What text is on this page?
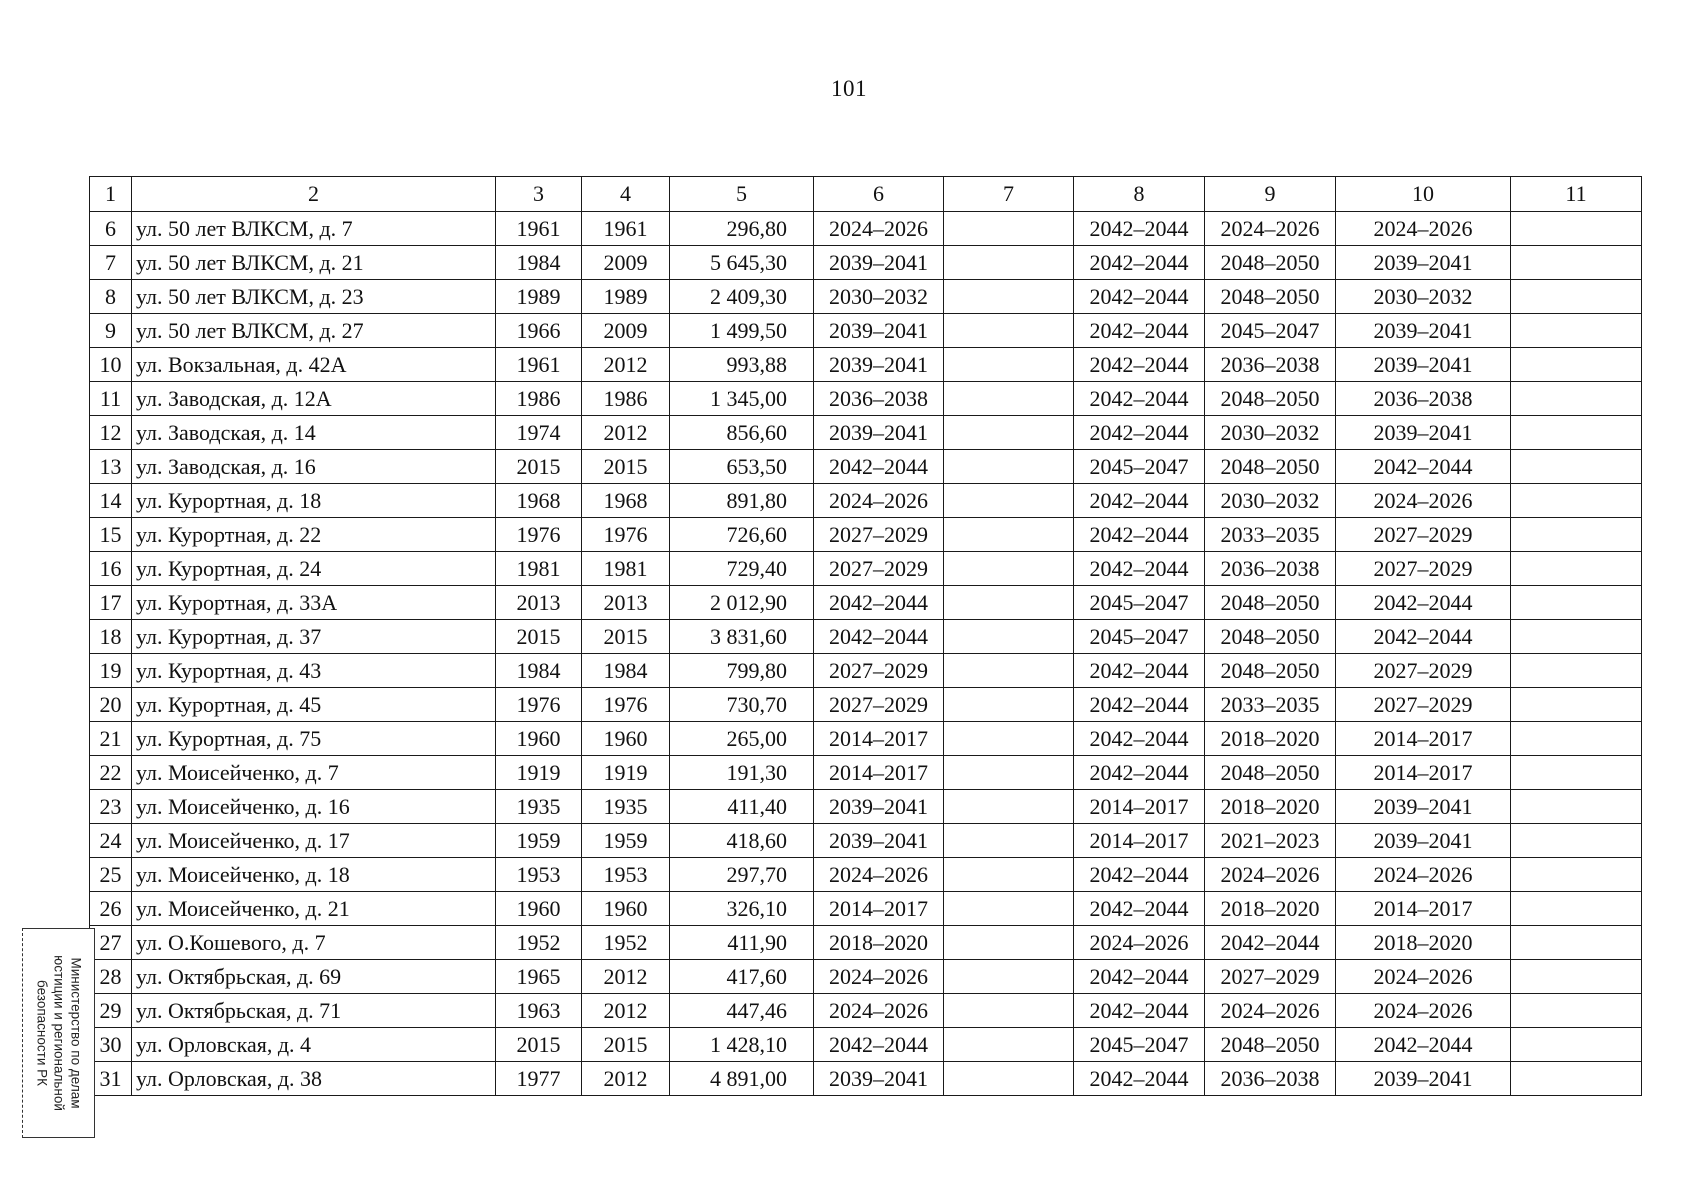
101
1	2	3	4	5	6	7	8	9	10	11
6	ул. 50 лет ВЛКСМ, д. 7	1961	1961	296,80	2024–2026		2042–2044	2024–2026	2024–2026	
7	ул. 50 лет ВЛКСМ, д. 21	1984	2009	5 645,30	2039–2041		2042–2044	2048–2050	2039–2041	
8	ул. 50 лет ВЛКСМ, д. 23	1989	1989	2 409,30	2030–2032		2042–2044	2048–2050	2030–2032	
9	ул. 50 лет ВЛКСМ, д. 27	1966	2009	1 499,50	2039–2041		2042–2044	2045–2047	2039–2041	
10	ул. Вокзальная, д. 42А	1961	2012	993,88	2039–2041		2042–2044	2036–2038	2039–2041	
11	ул. Заводская, д. 12А	1986	1986	1 345,00	2036–2038		2042–2044	2048–2050	2036–2038	
12	ул. Заводская, д. 14	1974	2012	856,60	2039–2041		2042–2044	2030–2032	2039–2041	
13	ул. Заводская, д. 16	2015	2015	653,50	2042–2044		2045–2047	2048–2050	2042–2044	
14	ул. Курортная, д. 18	1968	1968	891,80	2024–2026		2042–2044	2030–2032	2024–2026	
15	ул. Курортная, д. 22	1976	1976	726,60	2027–2029		2042–2044	2033–2035	2027–2029	
16	ул. Курортная, д. 24	1981	1981	729,40	2027–2029		2042–2044	2036–2038	2027–2029	
17	ул. Курортная, д. 33А	2013	2013	2 012,90	2042–2044		2045–2047	2048–2050	2042–2044	
18	ул. Курортная, д. 37	2015	2015	3 831,60	2042–2044		2045–2047	2048–2050	2042–2044	
19	ул. Курортная, д. 43	1984	1984	799,80	2027–2029		2042–2044	2048–2050	2027–2029	
20	ул. Курортная, д. 45	1976	1976	730,70	2027–2029		2042–2044	2033–2035	2027–2029	
21	ул. Курортная, д. 75	1960	1960	265,00	2014–2017		2042–2044	2018–2020	2014–2017	
22	ул. Моисейченко, д. 7	1919	1919	191,30	2014–2017		2042–2044	2048–2050	2014–2017	
23	ул. Моисейченко, д. 16	1935	1935	411,40	2039–2041		2014–2017	2018–2020	2039–2041	
24	ул. Моисейченко, д. 17	1959	1959	418,60	2039–2041		2014–2017	2021–2023	2039–2041	
25	ул. Моисейченко, д. 18	1953	1953	297,70	2024–2026		2042–2044	2024–2026	2024–2026	
26	ул. Моисейченко, д. 21	1960	1960	326,10	2014–2017		2042–2044	2018–2020	2014–2017	
27	ул. О.Кошевого, д. 7	1952	1952	411,90	2018–2020		2024–2026	2042–2044	2018–2020	
28	ул. Октябрьская, д. 69	1965	2012	417,60	2024–2026		2042–2044	2027–2029	2024–2026	
29	ул. Октябрьская, д. 71	1963	2012	447,46	2024–2026		2042–2044	2024–2026	2024–2026	
30	ул. Орловская, д. 4	2015	2015	1 428,10	2042–2044		2045–2047	2048–2050	2042–2044	
31	ул. Орловская, д. 38	1977	2012	4 891,00	2039–2041		2042–2044	2036–2038	2039–2041	
Министерство по делам
юстиции и региональной
безопасности РК
